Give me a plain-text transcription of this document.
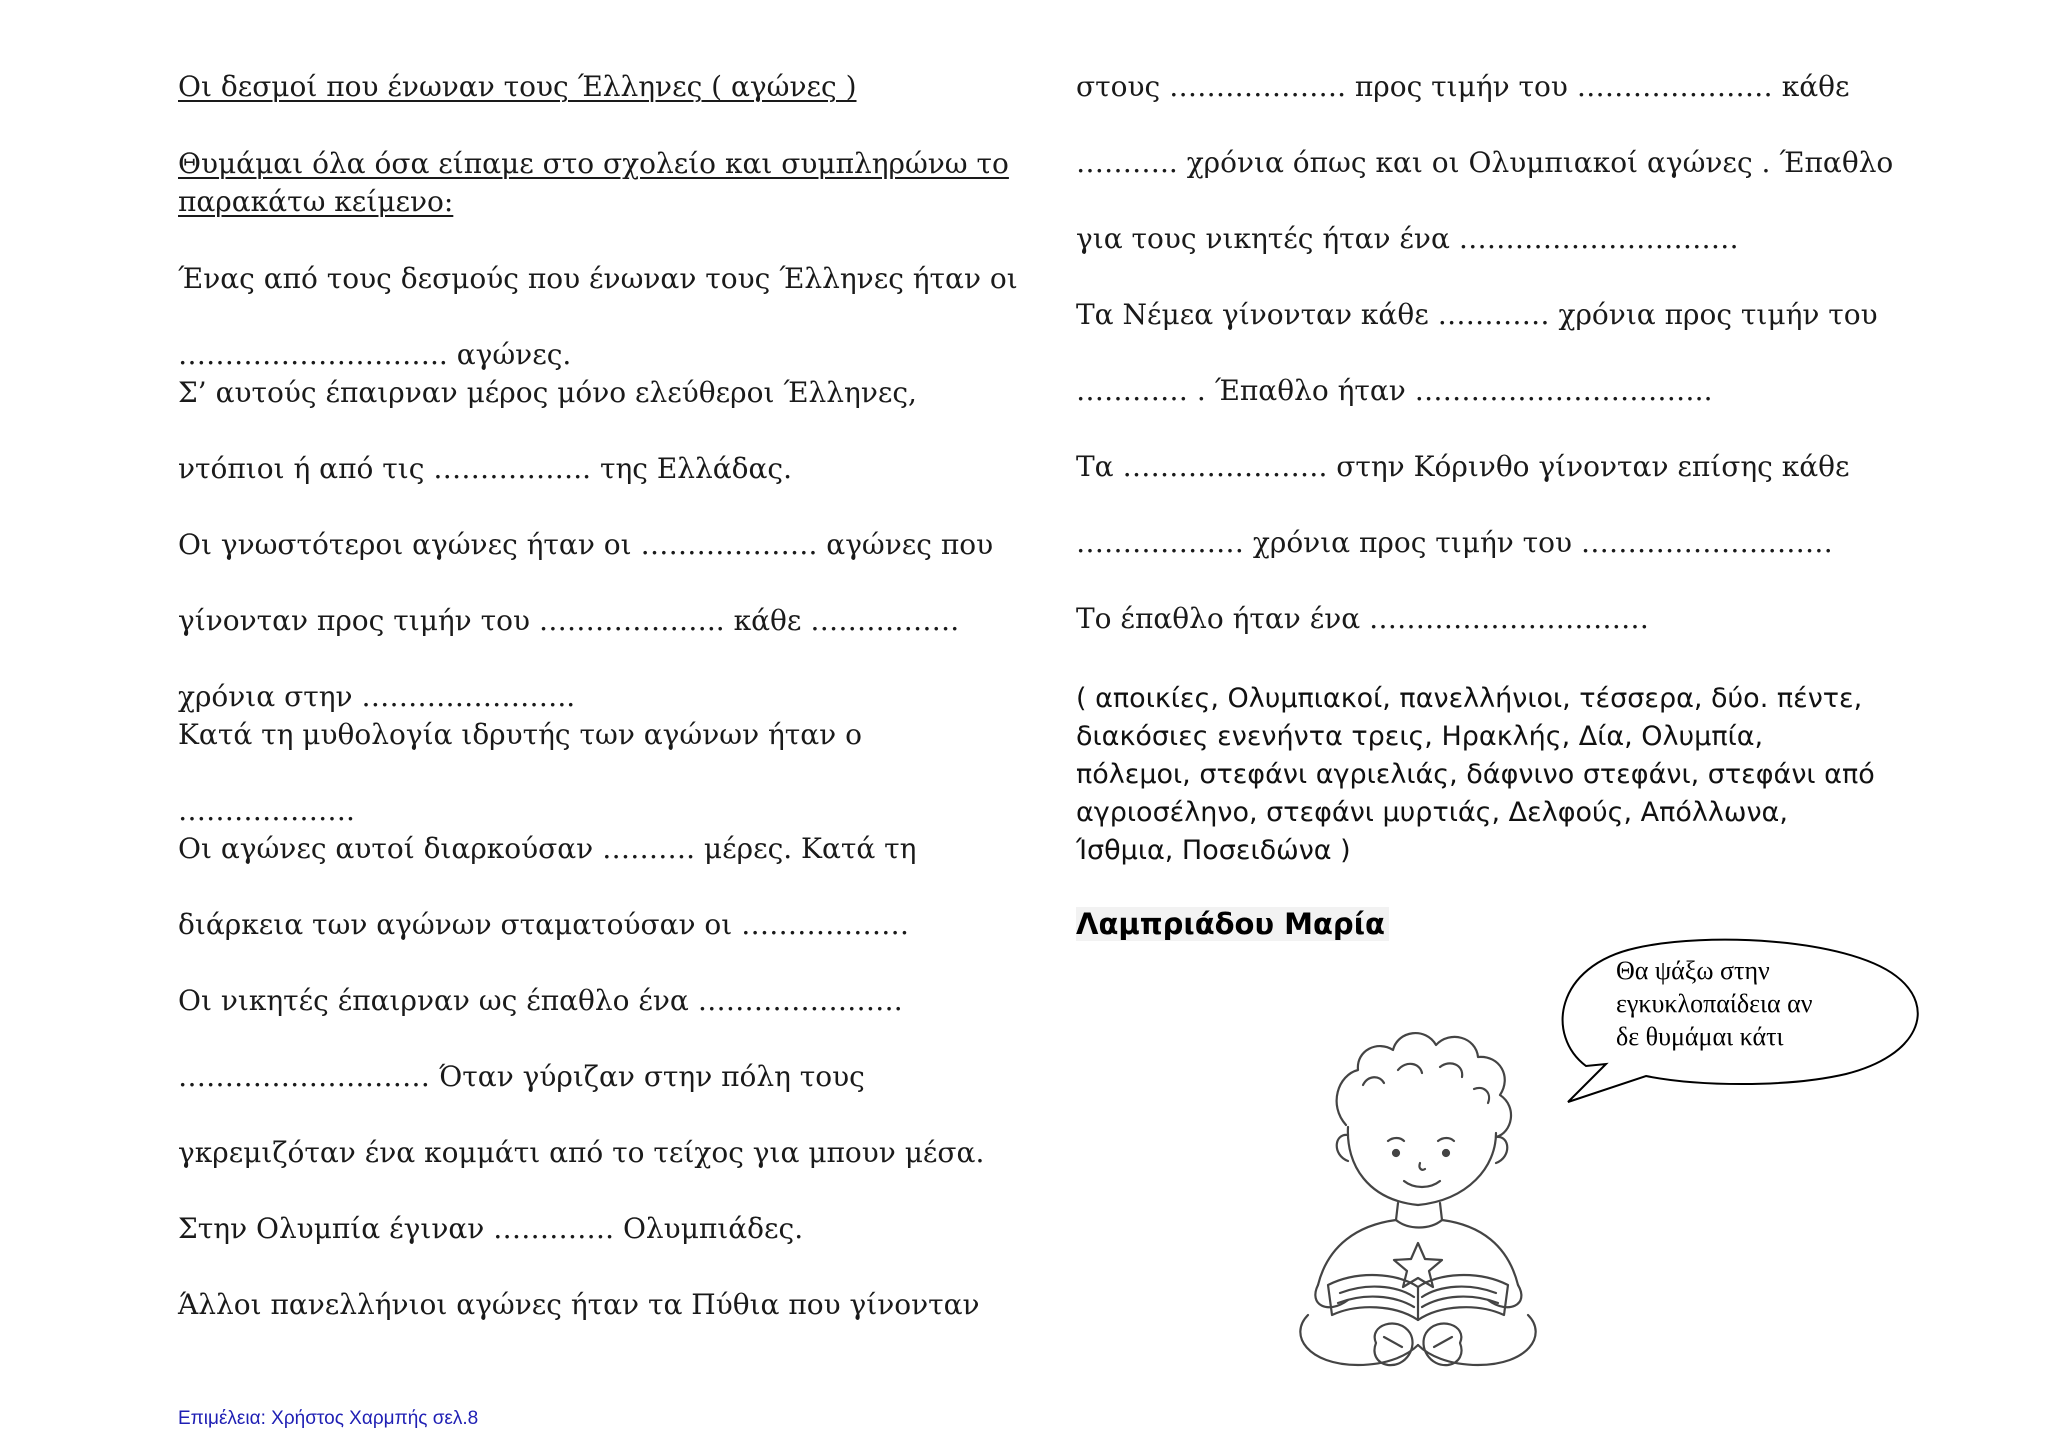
Οι δεσμοί που ένωναν τους Έλληνες ( αγώνες )
Θυμάμαι όλα όσα είπαμε στο σχολείο και συμπληρώνω το
παρακάτω κείμενο:
Ένας από τους δεσμούς που ένωναν τους Έλληνες ήταν οι
……………………….. αγώνες.
Σ’ αυτούς έπαιρναν μέρος μόνο ελεύθεροι Έλληνες,
ντόπιοι ή από τις …………….. της Ελλάδας.
Οι γνωστότεροι αγώνες ήταν οι ………………. αγώνες που
γίνονταν προς τιμήν του ……………….. κάθε …………….
χρόνια στην …………………..
Κατά τη μυθολογία ιδρυτής των αγώνων ήταν ο
……………….
Οι αγώνες αυτοί διαρκούσαν ………. μέρες. Κατά τη
διάρκεια των αγώνων σταματούσαν οι ………………
Οι νικητές έπαιρναν ως έπαθλο ένα ………………….
……………………… Όταν γύριζαν στην πόλη τους
γκρεμιζόταν ένα κομμάτι από το τείχος για μπουν μέσα.
Στην Ολυμπία έγιναν …………. Ολυμπιάδες.
Άλλοι πανελλήνιοι αγώνες ήταν τα Πύθια που γίνονταν
στους ………………. προς τιμήν του ………………… κάθε
……….. χρόνια όπως και οι Ολυμπιακοί αγώνες . Έπαθλο
για τους νικητές ήταν ένα …………………………
Τα Νέμεα γίνονταν κάθε ………… χρόνια προς τιμήν του
………… . Έπαθλο ήταν …………………………..
Τα …………………. στην Κόρινθο γίνονταν επίσης κάθε
……………… χρόνια προς τιμήν του ………………………
Το έπαθλο ήταν ένα …………………………
( αποικίες, Ολυμπιακοί, πανελλήνιοι, τέσσερα, δύο. πέντε,
διακόσιες ενενήντα τρεις, Ηρακλής, Δία, Ολυμπία,
πόλεμοι, στεφάνι αγριελιάς, δάφνινο στεφάνι, στεφάνι από
αγριοσέληνο, στεφάνι μυρτιάς, Δελφούς, Απόλλωνα,
Ίσθμια, Ποσειδώνα )
Λαμπριάδου Μαρία
Θα ψάξω στην
εγκυκλοπαίδεια αν
δε θυμάμαι κάτι
Επιμέλεια: Χρήστος Χαρμπής σελ.8
